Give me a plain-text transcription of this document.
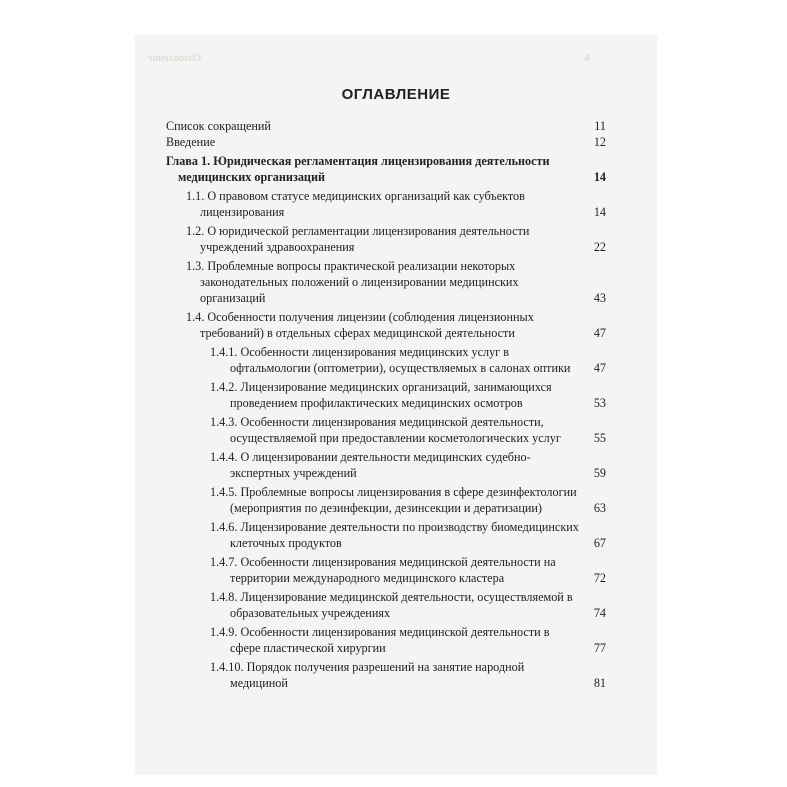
Оглавление	4
ОГЛАВЛЕНИЕ
Список сокращений	11
Введение	12
Глава 1. Юридическая регламентация лицензирования деятельности медицинских организаций	14
1.1. О правовом статусе медицинских организаций как субъектов лицензирования	14
1.2. О юридической регламентации лицензирования деятельности учреждений здравоохранения	22
1.3. Проблемные вопросы практической реализации некоторых законодательных положений о лицензировании медицинских организаций	43
1.4. Особенности получения лицензии (соблюдения лицензионных требований) в отдельных сферах медицинской деятельности	47
1.4.1. Особенности лицензирования медицинских услуг в офтальмологии (оптометрии), осуществляемых в салонах оптики	47
1.4.2. Лицензирование медицинских организаций, занимающихся проведением профилактических медицинских осмотров	53
1.4.3. Особенности лицензирования медицинской деятельности, осуществляемой при предоставлении косметологических услуг	55
1.4.4. О лицензировании деятельности медицинских судебно-экспертных учреждений	59
1.4.5. Проблемные вопросы лицензирования в сфере дезинфектологии (мероприятия по дезинфекции, дезинсекции и дератизации)	63
1.4.6. Лицензирование деятельности по производству биомедицинских клеточных продуктов	67
1.4.7. Особенности лицензирования медицинской деятельности на территории международного медицинского кластера	72
1.4.8. Лицензирование медицинской деятельности, осуществляемой в образовательных учреждениях	74
1.4.9. Особенности лицензирования медицинской деятельности в сфере пластической хирургии	77
1.4.10. Порядок получения разрешений на занятие народной медициной	81
